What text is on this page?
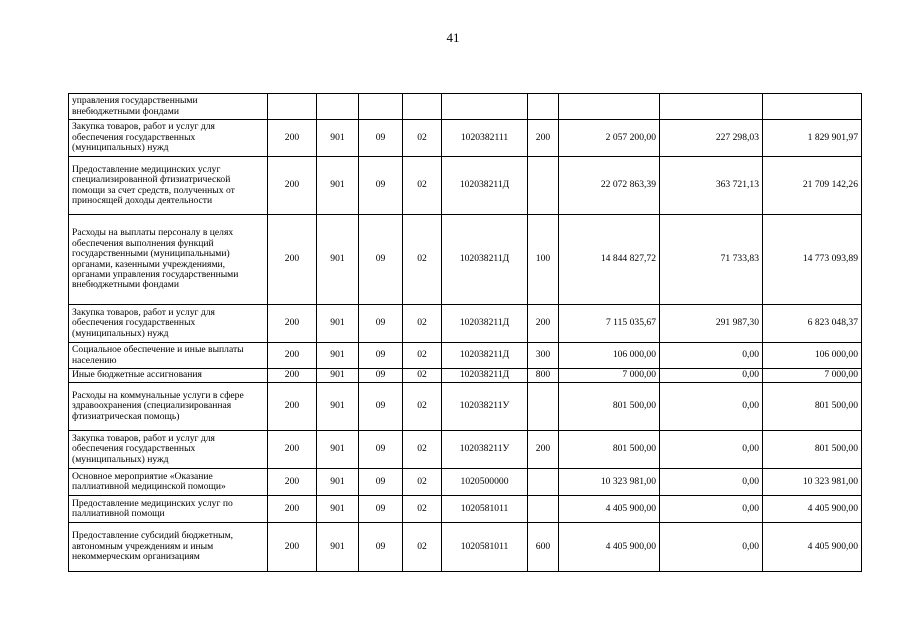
41
управления государственными внебюджетными фондами									
Закупка товаров, работ и услуг для обеспечения государственных (муниципальных) нужд	200	901	09	02	1020382111	200	2 057 200,00	227 298,03	1 829 901,97
Предоставление медицинских услуг специализированной фтизиатрической помощи за счет средств, полученных от приносящей доходы деятельности	200	901	09	02	102038211Д		22 072 863,39	363 721,13	21 709 142,26
Расходы на выплаты персоналу в целях обеспечения выполнения функций государственными (муниципальными) органами, казенными учреждениями, органами управления государственными внебюджетными фондами	200	901	09	02	102038211Д	100	14 844 827,72	71 733,83	14 773 093,89
Закупка товаров, работ и услуг для обеспечения государственных (муниципальных) нужд	200	901	09	02	102038211Д	200	7 115 035,67	291 987,30	6 823 048,37
Социальное обеспечение и иные выплаты населению	200	901	09	02	102038211Д	300	106 000,00	0,00	106 000,00
Иные бюджетные ассигнования	200	901	09	02	102038211Д	800	7 000,00	0,00	7 000,00
Расходы на коммунальные услуги в сфере здравоохранения (специализированная фтизиатрическая помощь)	200	901	09	02	102038211У		801 500,00	0,00	801 500,00
Закупка товаров, работ и услуг для обеспечения государственных (муниципальных) нужд	200	901	09	02	102038211У	200	801 500,00	0,00	801 500,00
Основное мероприятие «Оказание паллиативной медицинской помощи»	200	901	09	02	1020500000		10 323 981,00	0,00	10 323 981,00
Предоставление медицинских услуг по паллиативной помощи	200	901	09	02	1020581011		4 405 900,00	0,00	4 405 900,00
Предоставление субсидий бюджетным, автономным учреждениям и иным некоммерческим организациям	200	901	09	02	1020581011	600	4 405 900,00	0,00	4 405 900,00
